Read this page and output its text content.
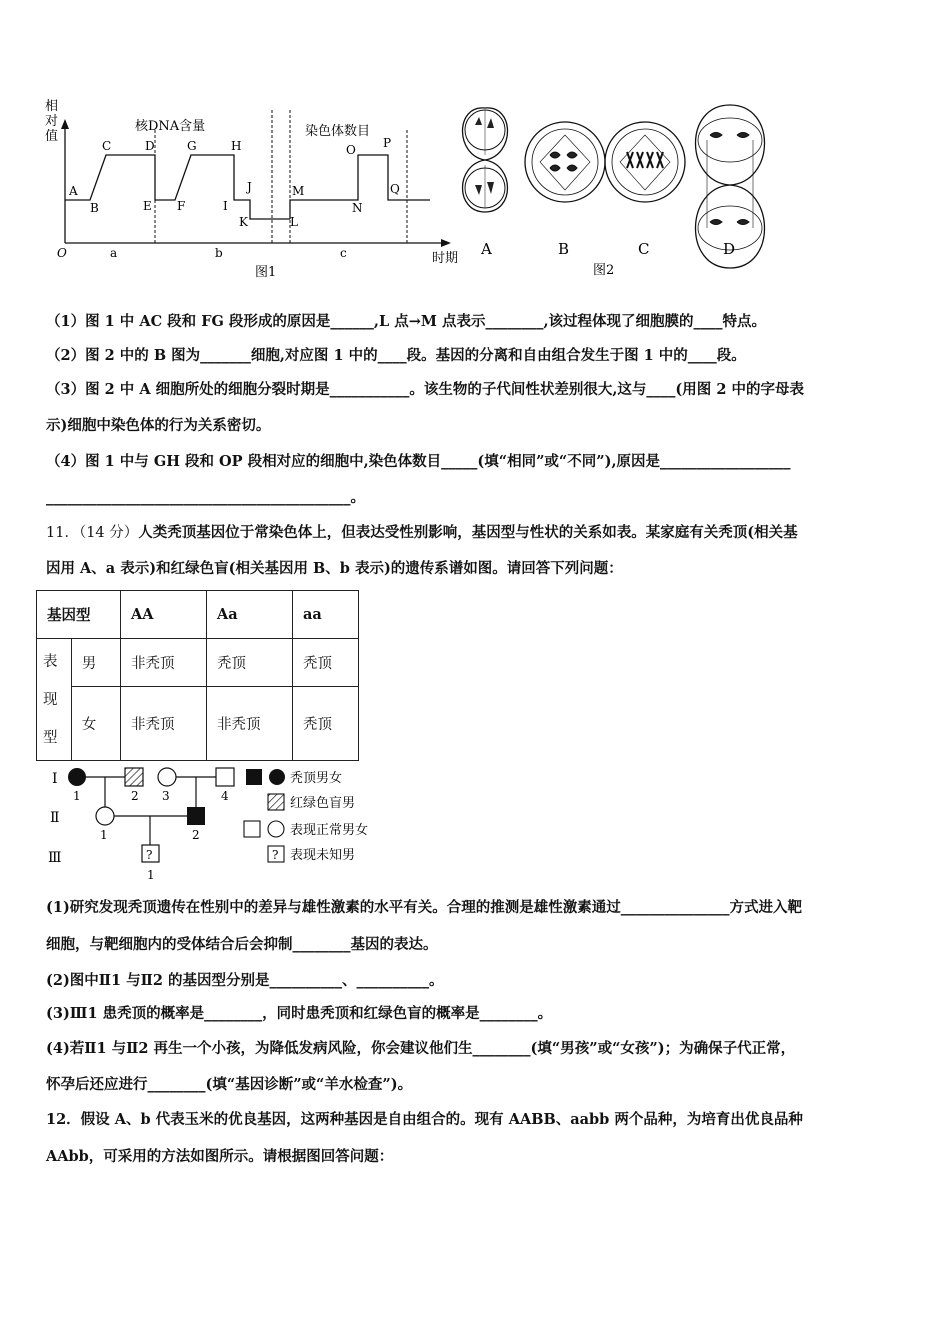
相
对
值
O	时期
核DNA含量	染色体数目
A
B
C	D
E F
G	H
I
J
K	L
M
N
O P
Q
a	b	c
图1
A	B	C	D
图2
（1）图 1 中 AC 段和 FG 段形成的原因是______,L 点→M 点表示________,该过程体现了细胞膜的____特点。
（2）图 2 中的 B 图为_______细胞,对应图 1 中的____段。基因的分离和自由组合发生于图 1 中的____段。
（3）图 2 中 A 细胞所处的细胞分裂时期是___________。该生物的子代间性状差别很大,这与____(用图 2 中的字母表
示)细胞中染色体的行为关系密切。
（4）图 1 中与 GH 段和 OP 段相对应的细胞中,染色体数目_____(填“相同”或“不同”),原因是__________________
__________________________________________。
11．（14 分）人类秃顶基因位于常染色体上，但表达受性别影响，基因型与性状的关系如表。某家庭有关秃顶(相关基
因用 A、a 表示)和红绿色盲(相关基因用 B、b 表示)的遗传系谱如图。请回答下列问题：
基因型		AA	Aa	aa

表
现
型	男	非秃顶	秃顶	秃顶
	女	非秃顶	非秃顶	秃顶
Ⅰ
Ⅱ
Ⅲ
1	2 3	4
1	2
?
1
秃顶男女
红绿色盲男
表现正常男女
? 表现未知男
(1)研究发现秃顶遗传在性别中的差异与雄性激素的水平有关。合理的推测是雄性激素通过_______________方式进入靶
细胞，与靶细胞内的受体结合后会抑制________基因的表达。
(2)图中Ⅱ1 与Ⅱ2 的基因型分别是__________、__________。
(3)Ⅲ1 患秃顶的概率是________，同时患秃顶和红绿色盲的概率是________。
(4)若Ⅱ1 与Ⅱ2 再生一个小孩，为降低发病风险，你会建议他们生________(填“男孩”或“女孩”)；为确保子代正常，
怀孕后还应进行________(填“基因诊断”或“羊水检查”)。
12．假设 A、b 代表玉米的优良基因，这两种基因是自由组合的。现有 AABB、aabb 两个品种，为培育出优良品种
AAbb，可采用的方法如图所示。请根据图回答问题：
